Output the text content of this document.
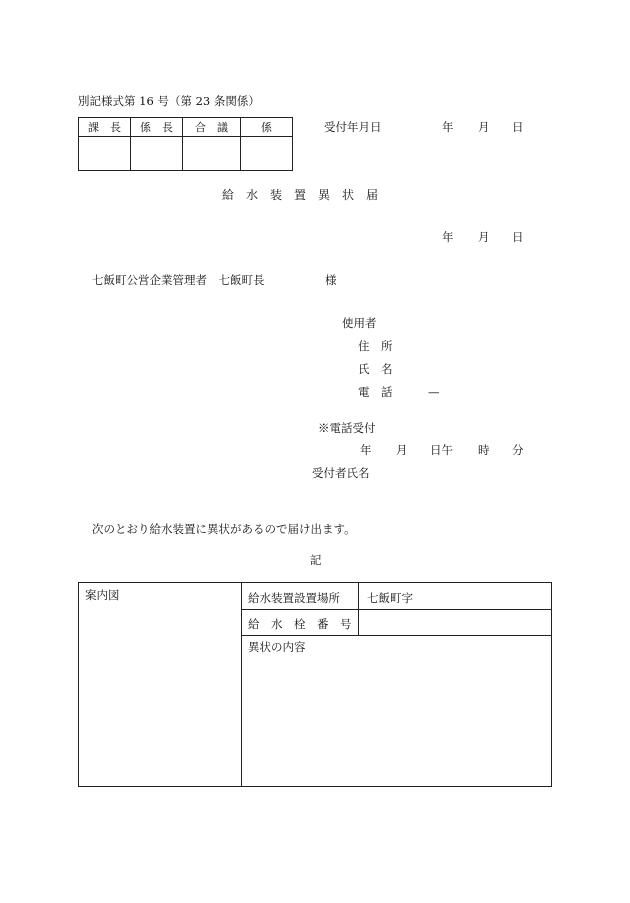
別記様式第 16 号（第 23 条関係）
課　長	係　長	合　議	係
				受付年月日	年 月 日
給　水　装　置　異　状　届
年 月 日
七飯町公営企業管理者　七飯町長	様
使用者
住　所
氏　名
電　話	—
※電話受付
年 月 日午 時 分
受付者氏名
次のとおり給水装置に異状があるので届け出ます。
記
案内図	給水装置設置場所 七飯町字
給　水　栓　番　号
異状の内容
